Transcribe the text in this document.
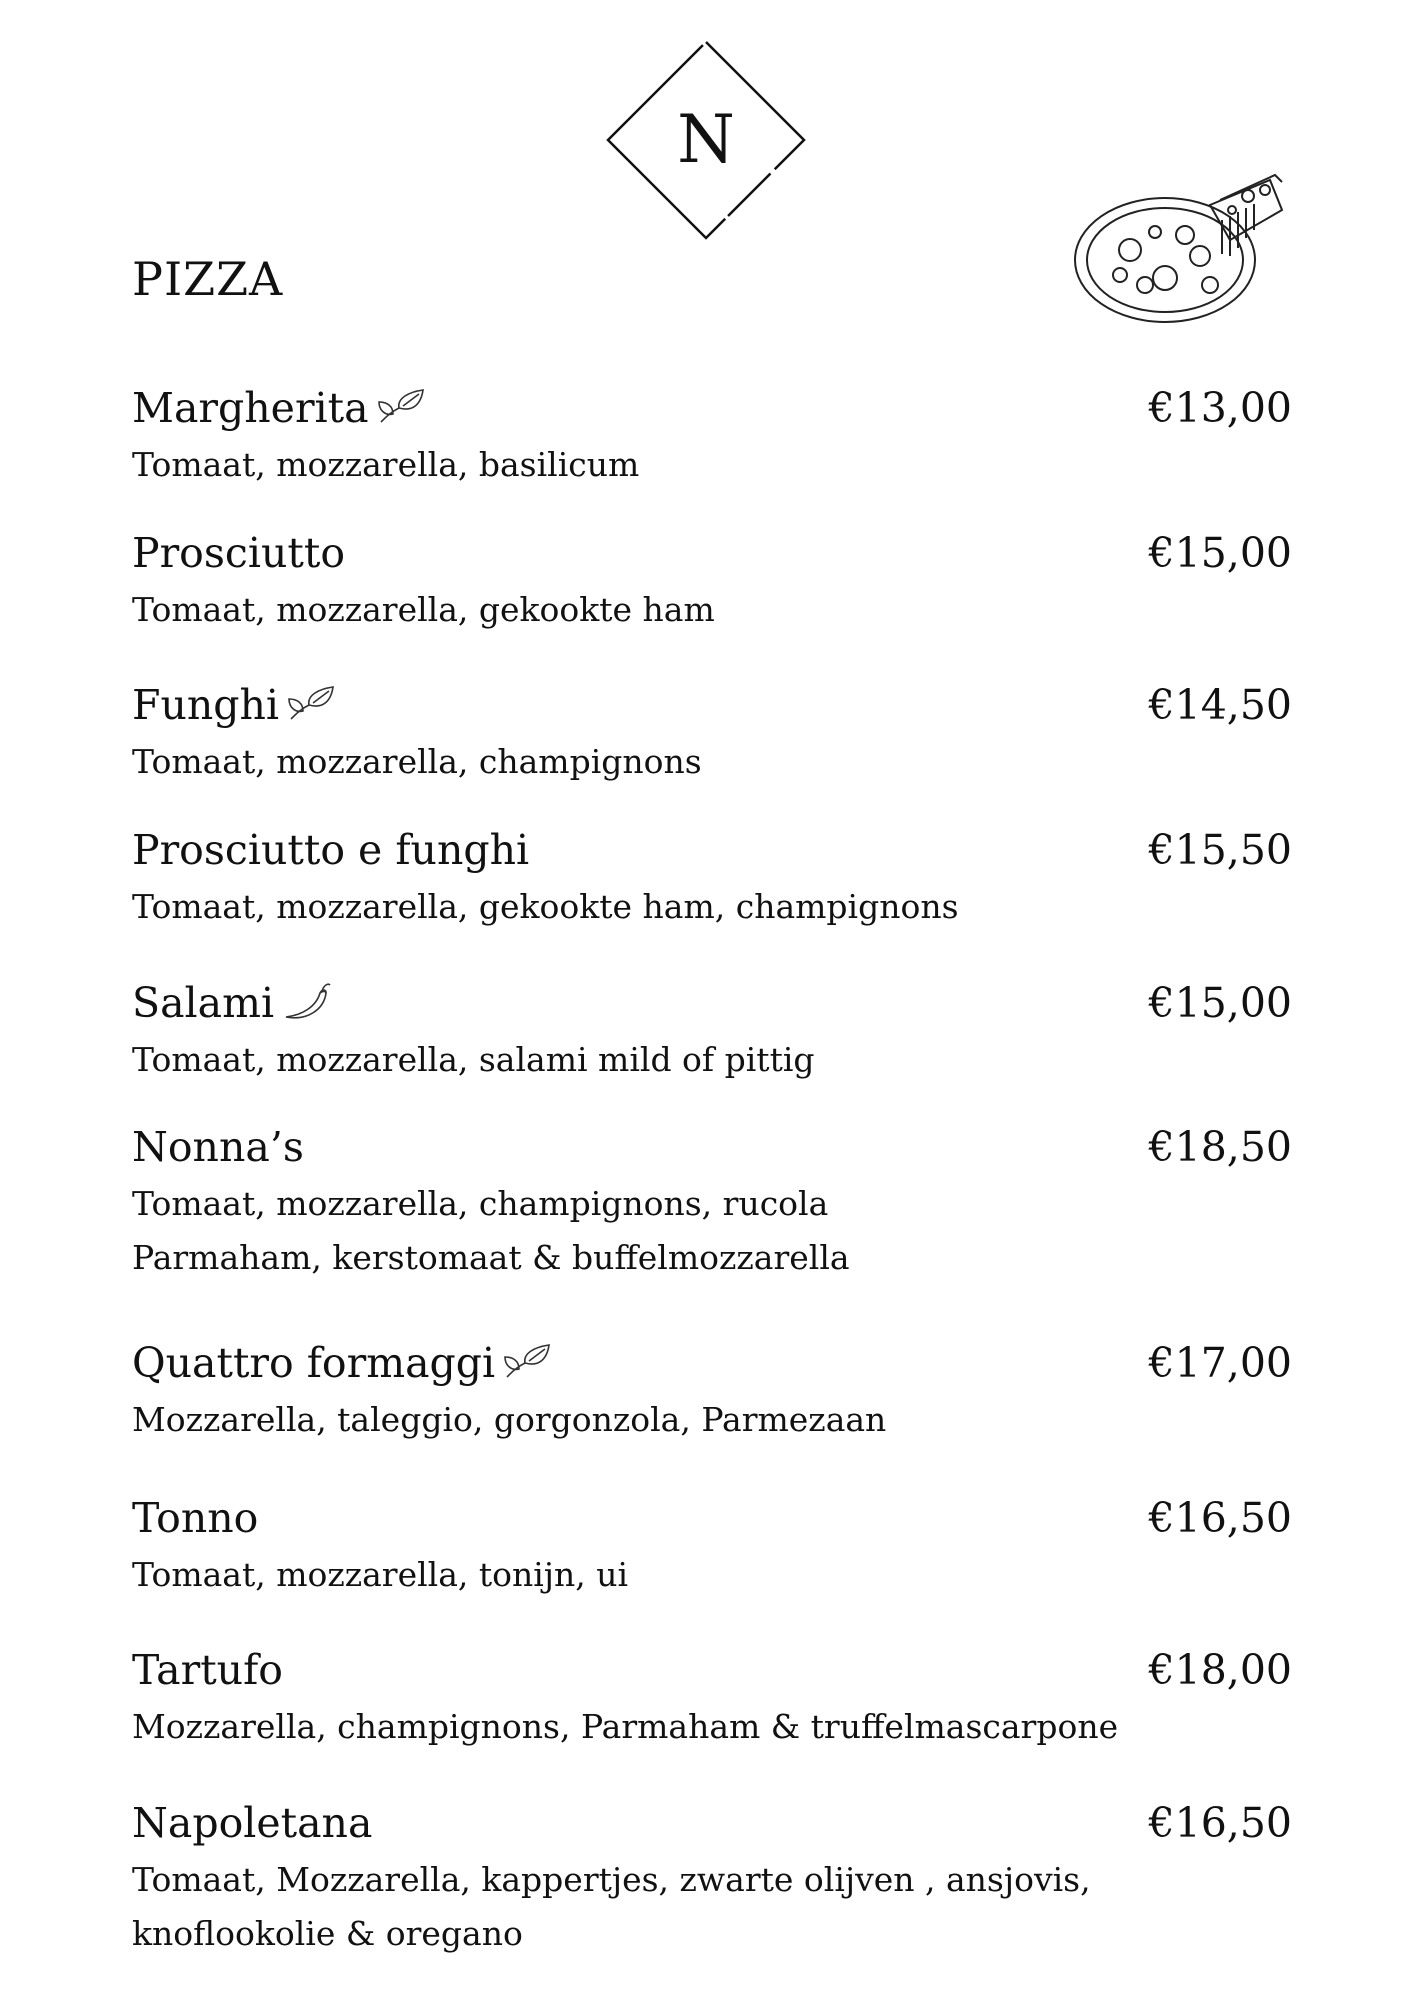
N
PIZZA
Margherita	€13,00
Tomaat, mozzarella, basilicum
Prosciutto	€15,00
Tomaat, mozzarella, gekookte ham
Funghi	€14,50
Tomaat, mozzarella, champignons
Prosciutto e funghi	€15,50
Tomaat, mozzarella, gekookte ham, champignons
Salami	€15,00
Tomaat, mozzarella, salami mild of pittig
Nonna’s	€18,50
Tomaat, mozzarella, champignons, rucola
Parmaham, kerstomaat & buffelmozzarella
Quattro formaggi	€17,00
Mozzarella, taleggio, gorgonzola, Parmezaan
Tonno	€16,50
Tomaat, mozzarella, tonijn, ui
Tartufo	€18,00
Mozzarella, champignons, Parmaham & truffelmascarpone
Napoletana	€16,50
Tomaat, Mozzarella, kappertjes, zwarte olijven , ansjovis,
knoflookolie & oregano
